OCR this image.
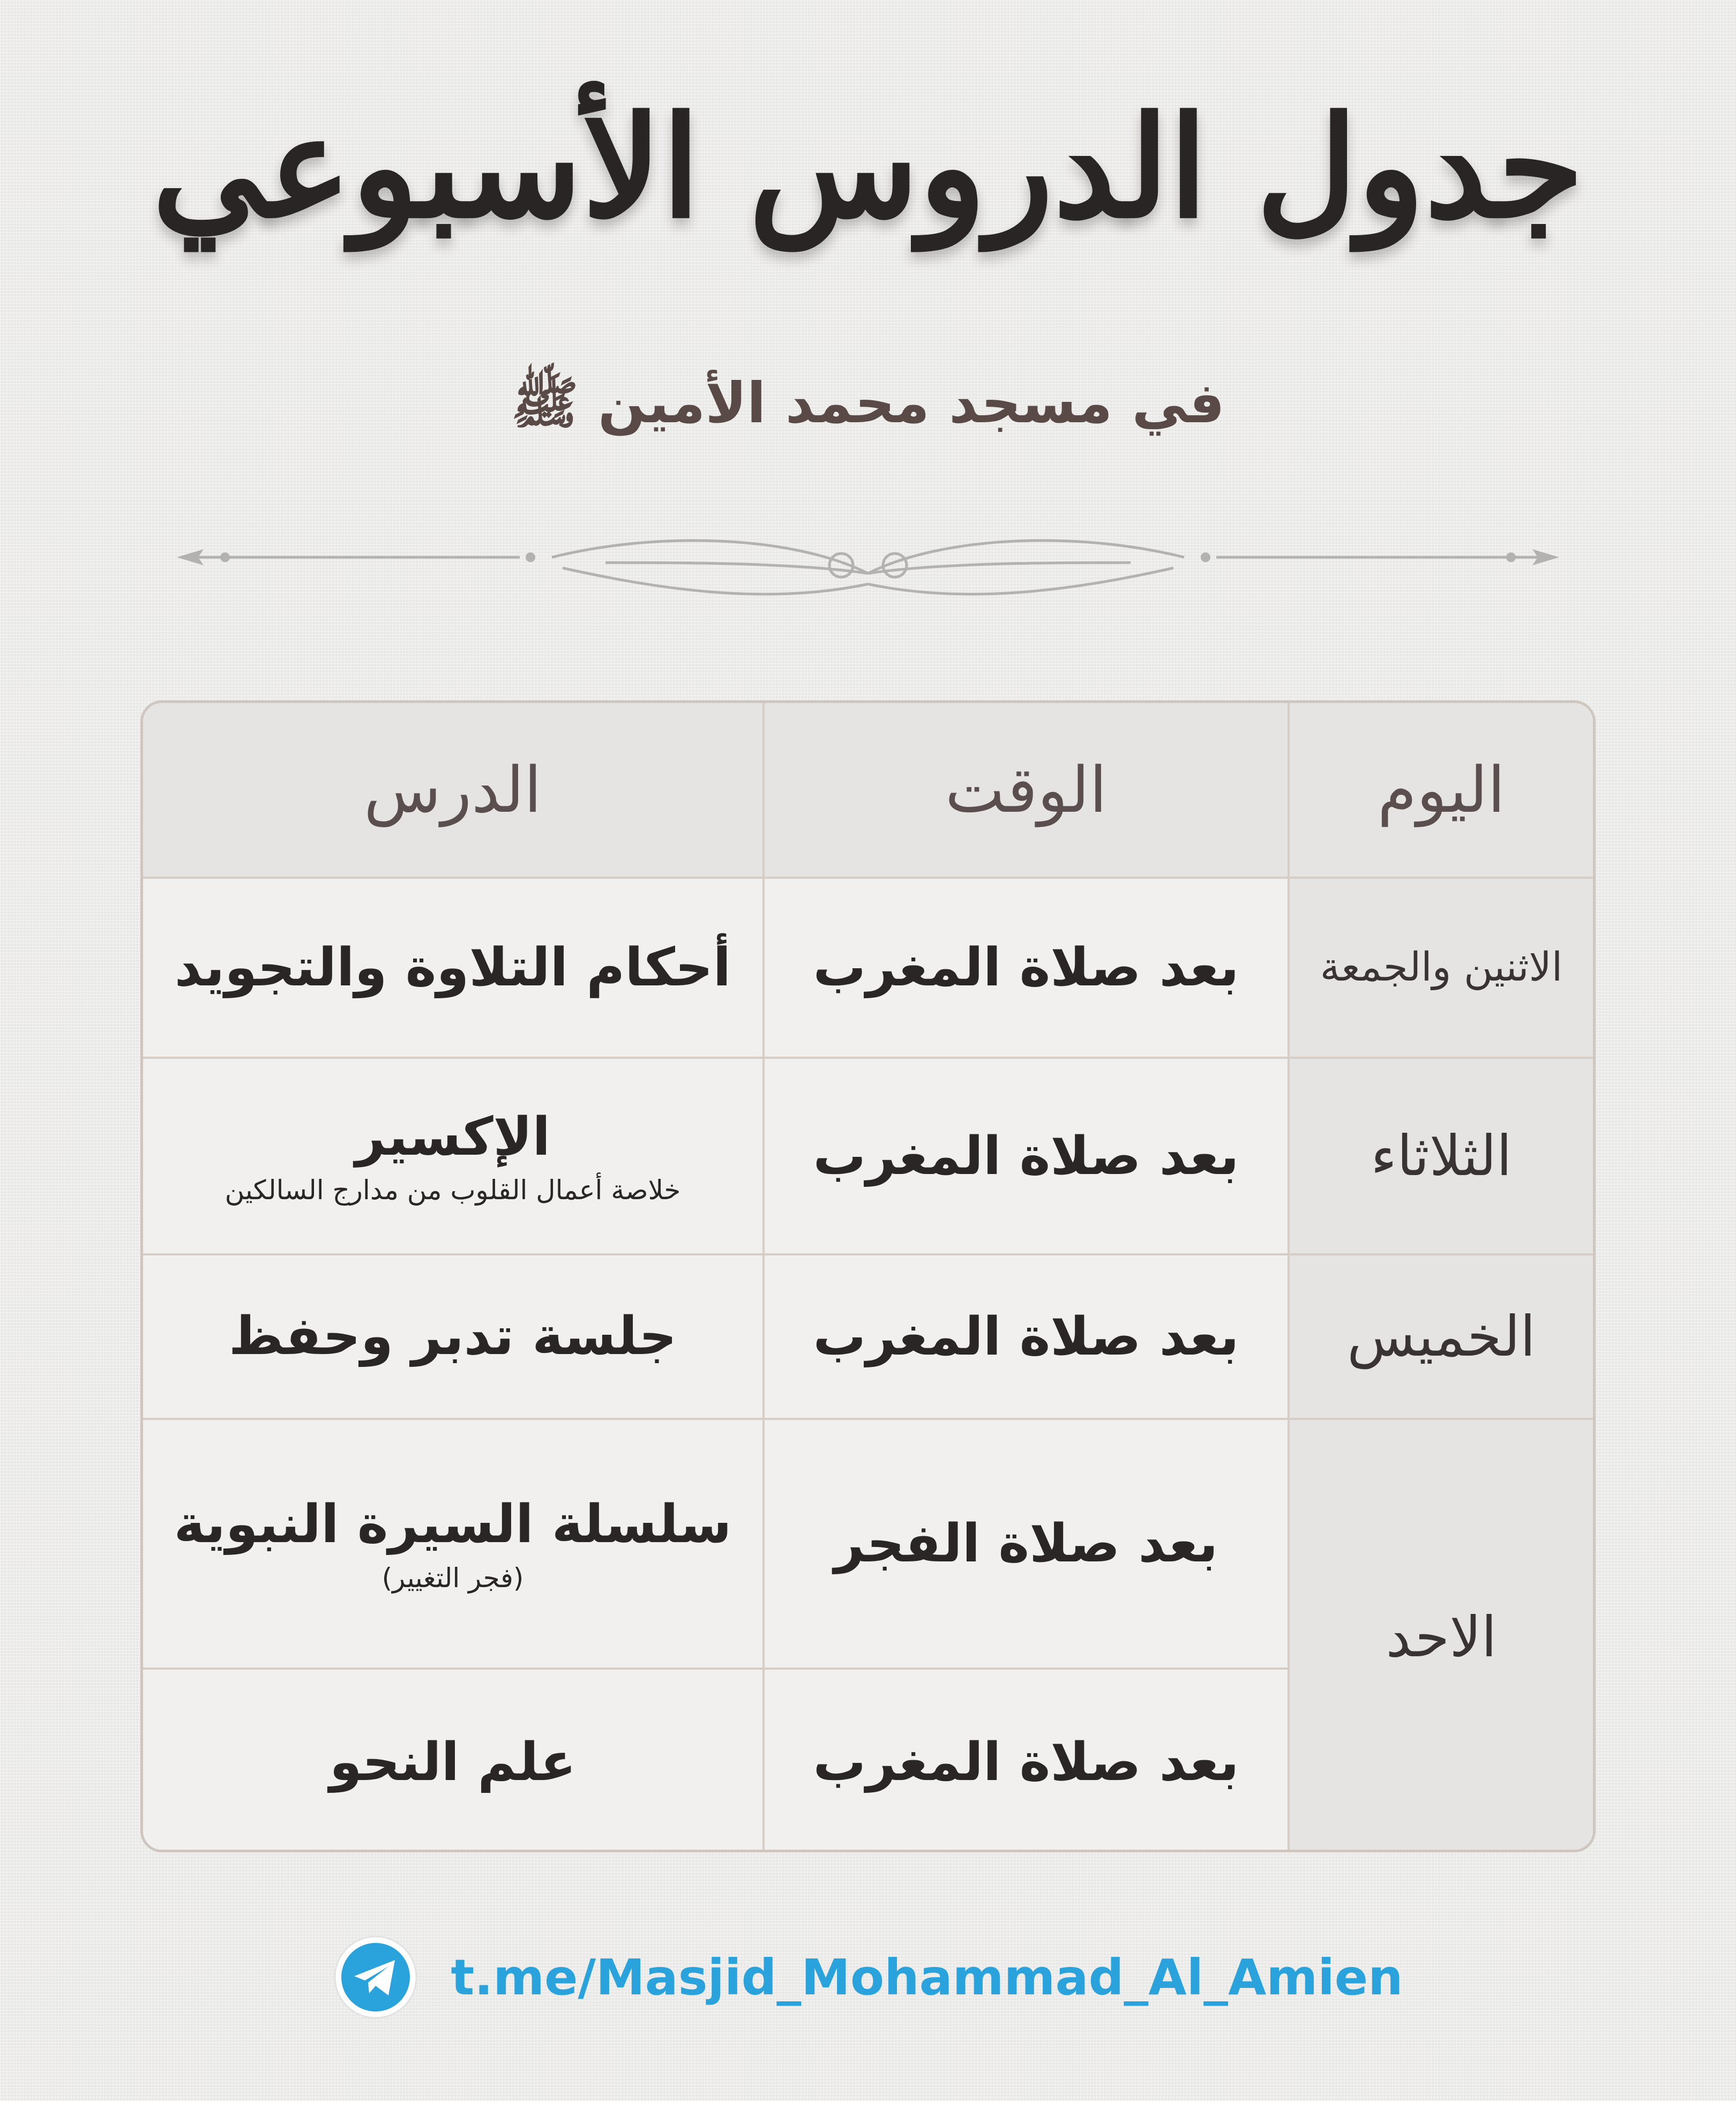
جدول الدروس الأسبوعي
في مسجد محمد الأمين ﷺ
اليوم
الوقت
الدرس
الاثنين والجمعة
بعد صلاة المغرب
أحكام التلاوة والتجويد
الثلاثاء
بعد صلاة المغرب
الإكسير
خلاصة أعمال القلوب من مدارج السالكين
الخميس
بعد صلاة المغرب
جلسة تدبر وحفظ
بعد صلاة الفجر
سلسلة السيرة النبوية
(فجر التغيير)
بعد صلاة المغرب
علم النحو
الاحد
t.me/Masjid_Mohammad_Al_Amien
